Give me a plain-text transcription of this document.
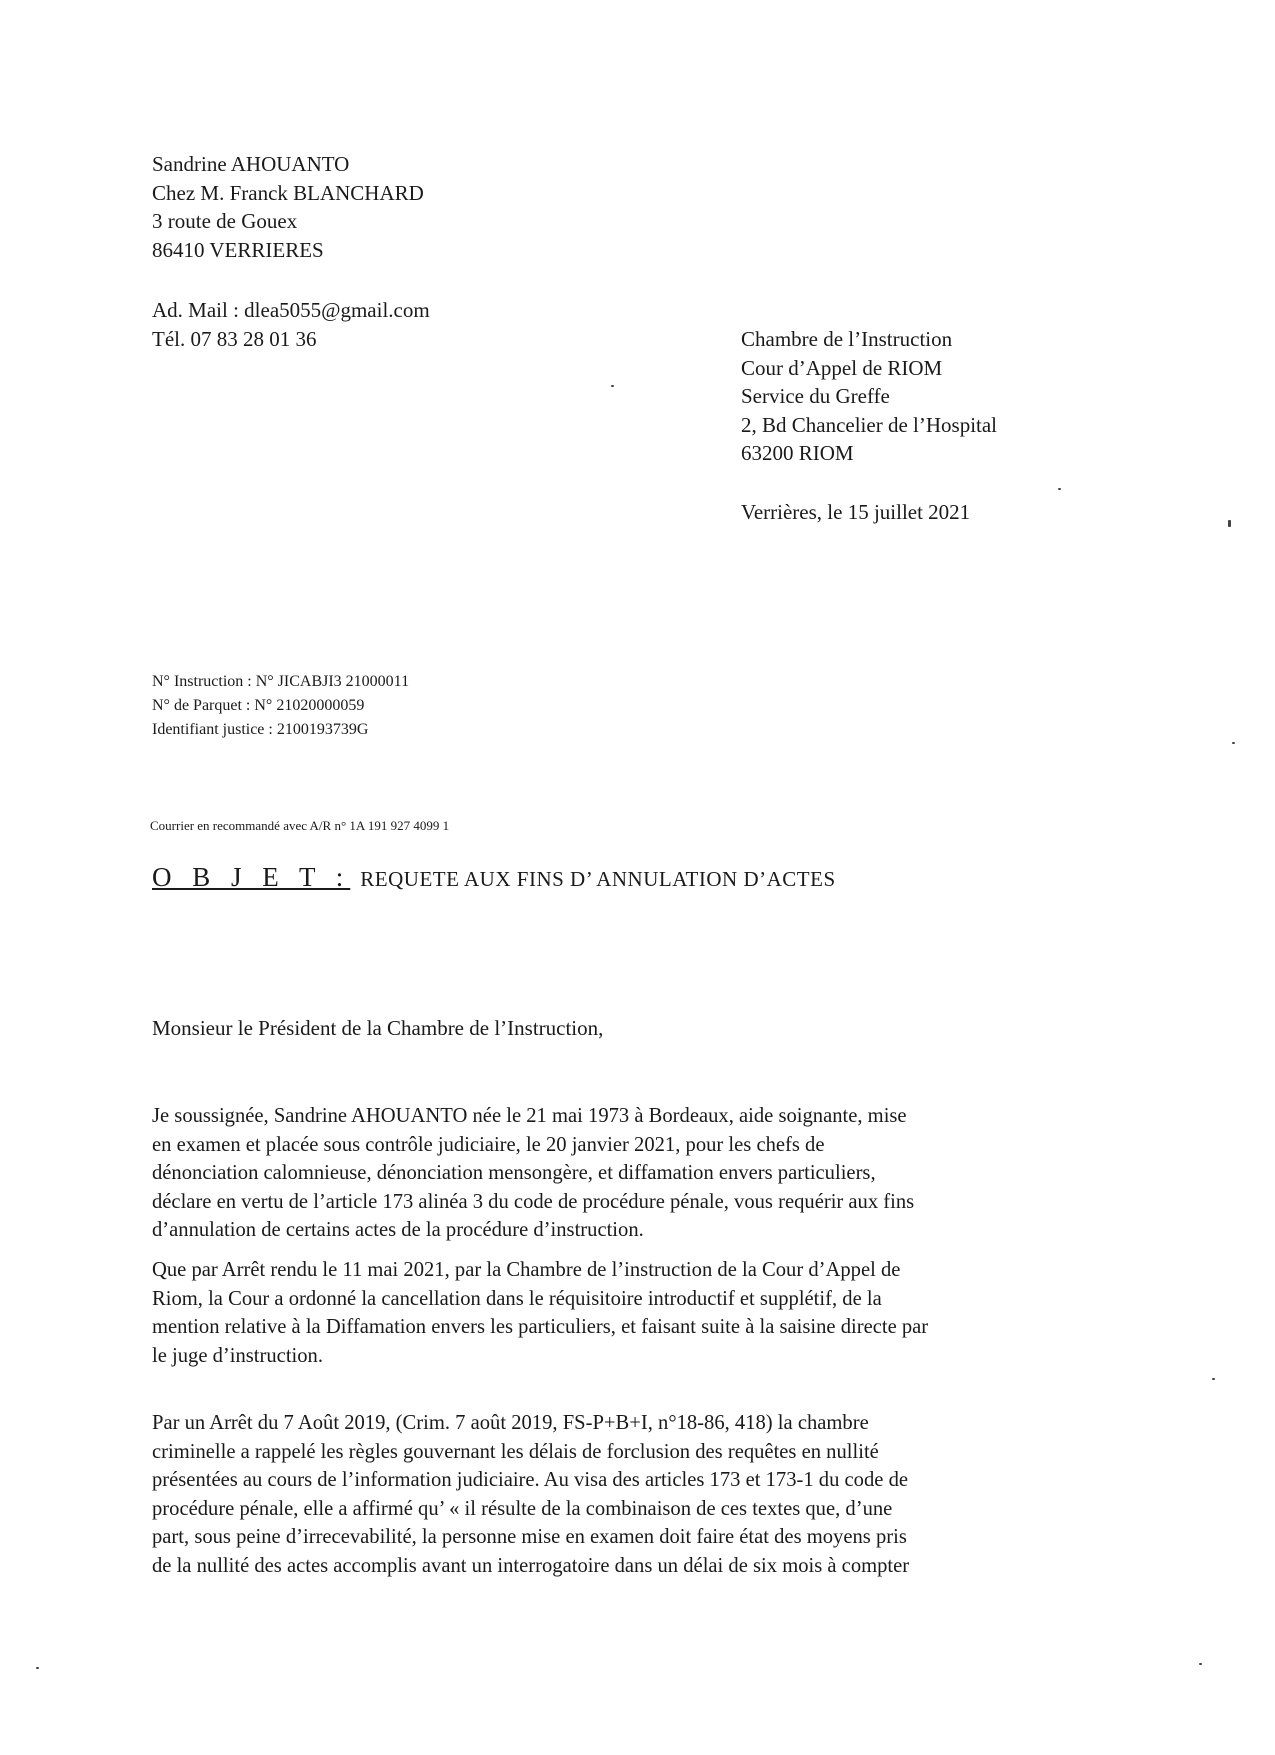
Sandrine AHOUANTO
Chez M. Franck BLANCHARD
3 route de Gouex
86410 VERRIERES
Ad. Mail : dlea5055@gmail.com
Tél. 07 83 28 01 36	Chambre de l’Instruction
Cour d’Appel de RIOM
Service du Greffe
2, Bd Chancelier de l’Hospital
63200 RIOM
Verrières, le 15 juillet 2021
N° Instruction : N° JICABJI3 21000011
N° de Parquet : N° 21020000059
Identifiant justice : 2100193739G
Courrier en recommandé avec A/R n° 1A 191 927 4099 1
O B J E T : REQUETE AUX FINS D’ ANNULATION D’ACTES
Monsieur le Président de la Chambre de l’Instruction,
Je soussignée, Sandrine AHOUANTO née le 21 mai 1973 à Bordeaux, aide soignante, mise
en examen et placée sous contrôle judiciaire, le 20 janvier 2021, pour les chefs de
dénonciation calomnieuse, dénonciation mensongère, et diffamation envers particuliers,
déclare en vertu de l’article 173 alinéa 3 du code de procédure pénale, vous requérir aux fins
d’annulation de certains actes de la procédure d’instruction.
Que par Arrêt rendu le 11 mai 2021, par la Chambre de l’instruction de la Cour d’Appel de
Riom, la Cour a ordonné la cancellation dans le réquisitoire introductif et supplétif, de la
mention relative à la Diffamation envers les particuliers, et faisant suite à la saisine directe par
le juge d’instruction.
Par un Arrêt du 7 Août 2019, (Crim. 7 août 2019, FS-P+B+I, n°18-86, 418) la chambre
criminelle a rappelé les règles gouvernant les délais de forclusion des requêtes en nullité
présentées au cours de l’information judiciaire. Au visa des articles 173 et 173-1 du code de
procédure pénale, elle a affirmé qu’ « il résulte de la combinaison de ces textes que, d’une
part, sous peine d’irrecevabilité, la personne mise en examen doit faire état des moyens pris
de la nullité des actes accomplis avant un interrogatoire dans un délai de six mois à compter
